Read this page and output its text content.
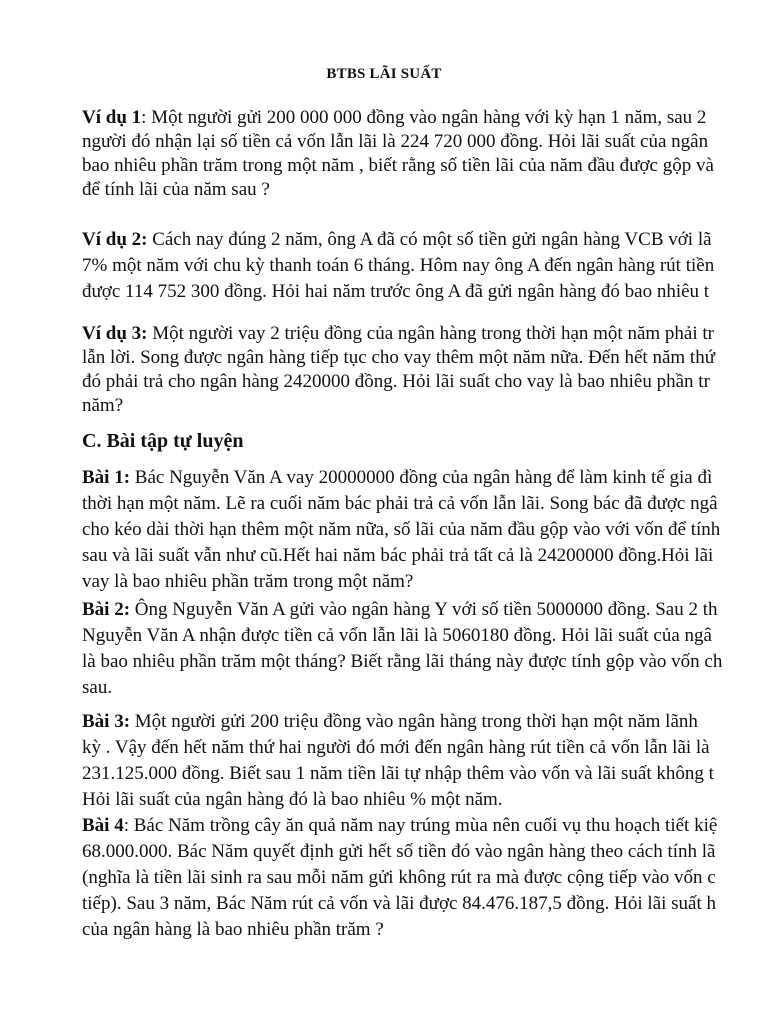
BTBS LÃI SUẤT
Ví dụ 1: Một người gửi 200 000 000 đồng vào ngân hàng với kỳ hạn 1 năm, sau 2
người đó nhận lại số tiền cả vốn lẫn lãi là 224 720 000 đồng. Hỏi lãi suất của ngân
bao nhiêu phần trăm trong một năm , biết rằng số tiền lãi của năm đầu được gộp và
để tính lãi của năm sau ?
Ví dụ 2: Cách nay đúng 2 năm, ông A đã có một số tiền gửi ngân hàng VCB với lã
7% một năm với chu kỳ thanh toán 6 tháng. Hôm nay ông A đến ngân hàng rút tiền
được 114 752 300 đồng. Hỏi hai năm trước ông A đã gửi ngân hàng đó bao nhiêu t
Ví dụ 3: Một người vay 2 triệu đồng của ngân hàng trong thời hạn một năm phải tr
lẫn lời. Song được ngân hàng tiếp tục cho vay thêm một năm nữa. Đến hết năm thứ
đó phải trả cho ngân hàng 2420000 đồng. Hỏi lãi suất cho vay là bao nhiêu phần tr
năm?
C. Bài tập tự luyện
Bài 1: Bác Nguyễn Văn A vay 20000000 đồng của ngân hàng để làm kinh tế gia đì
thời hạn một năm. Lẽ ra cuối năm bác phải trả cả vốn lẫn lãi. Song bác đã được ngâ
cho kéo dài thời hạn thêm một năm nữa, số lãi của năm đầu gộp vào với vốn để tính
sau và lãi suất vẫn như cũ.Hết hai năm bác phải trả tất cả là 24200000 đồng.Hỏi lãi
vay là bao nhiêu phần trăm trong một năm?
Bài 2: Ông Nguyễn Văn A gửi vào ngân hàng Y với số tiền 5000000 đồng. Sau 2 th
Nguyễn Văn A nhận được tiền cả vốn lẫn lãi là 5060180 đồng. Hỏi lãi suất của ngâ
là bao nhiêu phần trăm một tháng? Biết rằng lãi tháng này được tính gộp vào vốn ch
sau.
Bài 3: Một người gửi 200 triệu đồng vào ngân hàng trong thời hạn một năm lãnh
kỳ . Vậy đến hết năm thứ hai người đó mới đến ngân hàng rút tiền cả vốn lẫn lãi là
231.125.000 đồng. Biết sau 1 năm tiền lãi tự nhập thêm vào vốn và lãi suất không t
Hỏi lãi suất của ngân hàng đó là bao nhiêu % một năm.
Bài 4: Bác Năm trồng cây ăn quả năm nay trúng mùa nên cuối vụ thu hoạch tiết kiệ
68.000.000. Bác Năm quyết định gửi hết số tiền đó vào ngân hàng theo cách tính lã
(nghĩa là tiền lãi sinh ra sau mỗi năm gửi không rút ra mà được cộng tiếp vào vốn c
tiếp). Sau 3 năm, Bác Năm rút cả vốn và lãi được 84.476.187,5 đồng. Hỏi lãi suất h
của ngân hàng là bao nhiêu phần trăm ?
